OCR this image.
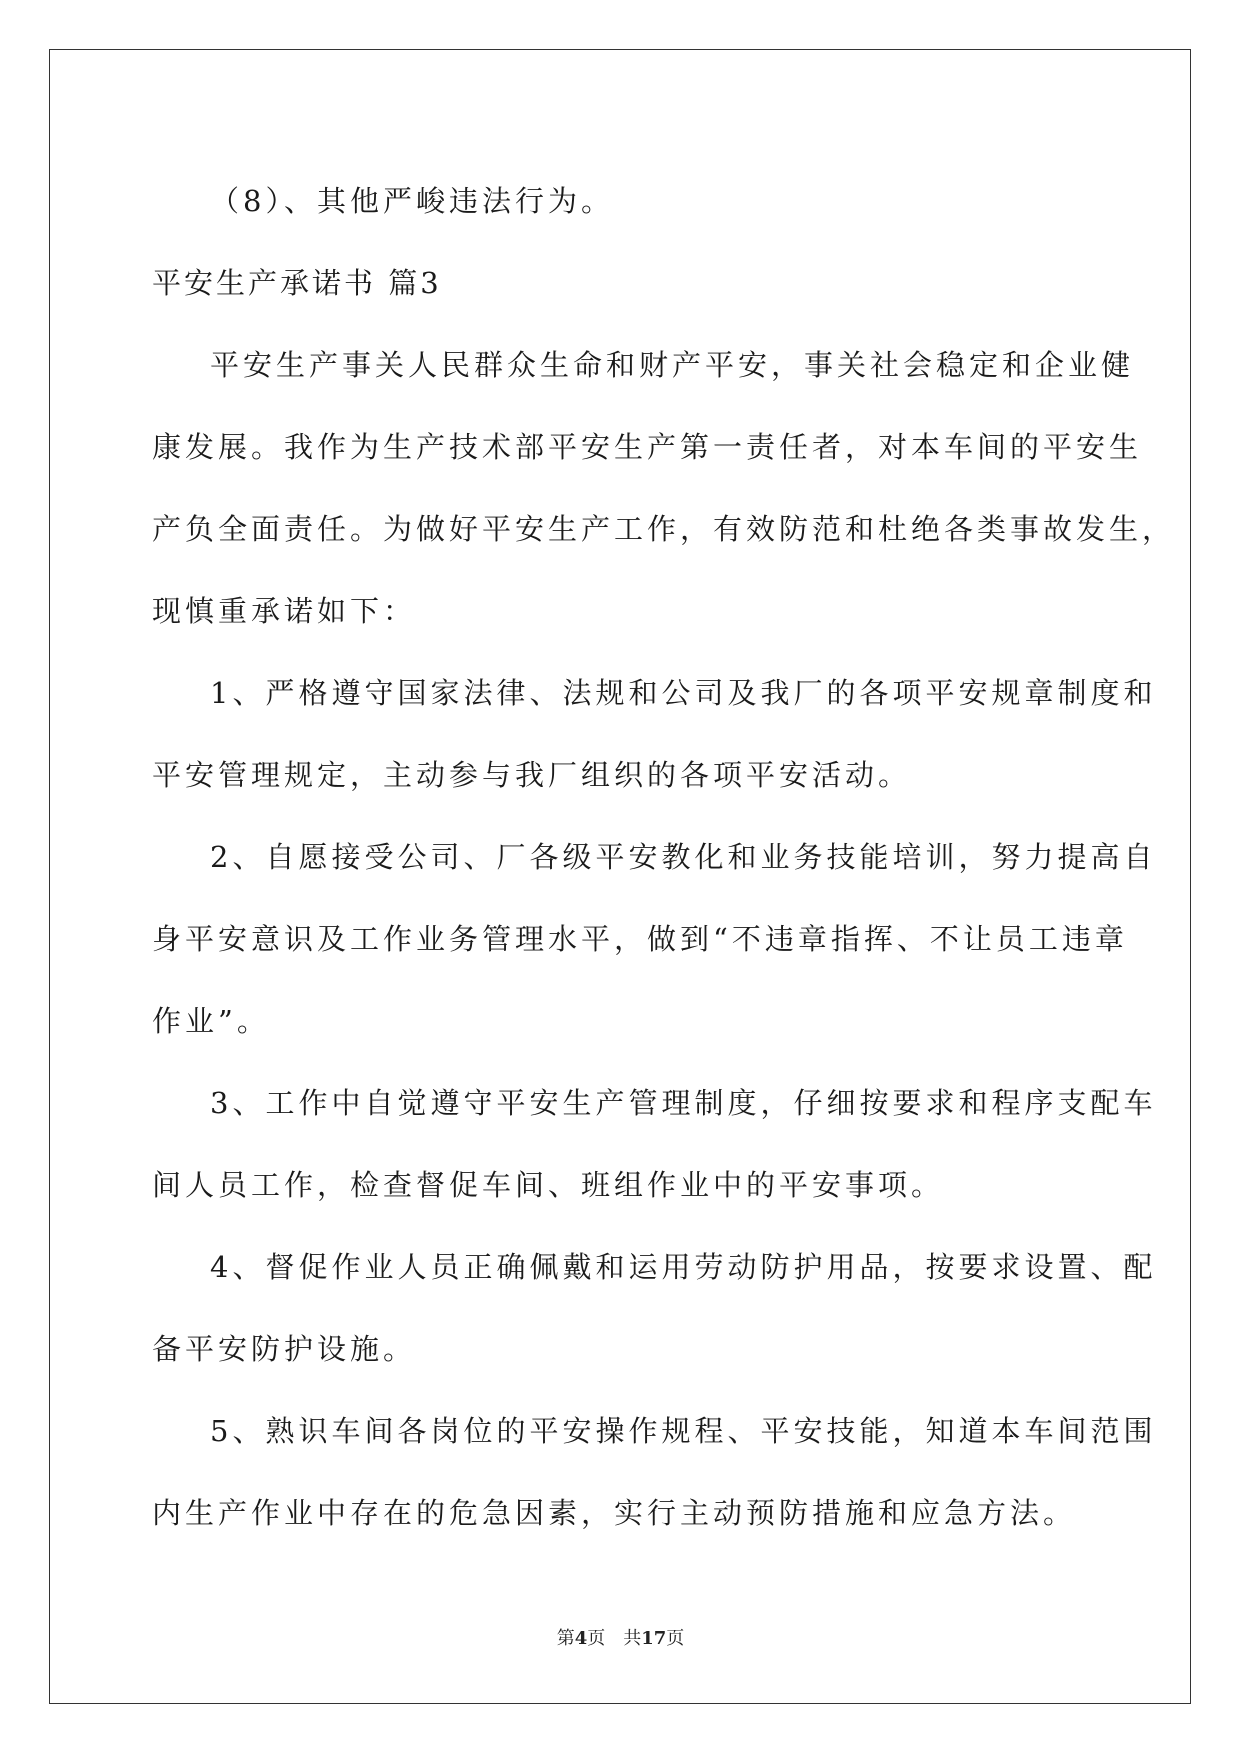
（8）、其他严峻违法行为。
平安生产承诺书 篇3
平安生产事关人民群众生命和财产平安，事关社会稳定和企业健
康发展。我作为生产技术部平安生产第一责任者，对本车间的平安生
产负全面责任。为做好平安生产工作，有效防范和杜绝各类事故发生，
现慎重承诺如下：
1、严格遵守国家法律、法规和公司及我厂的各项平安规章制度和
平安管理规定，主动参与我厂组织的各项平安活动。
2、自愿接受公司、厂各级平安教化和业务技能培训，努力提高自
身平安意识及工作业务管理水平，做到“不违章指挥、不让员工违章
作业”。
3、工作中自觉遵守平安生产管理制度，仔细按要求和程序支配车
间人员工作，检查督促车间、班组作业中的平安事项。
4、督促作业人员正确佩戴和运用劳动防护用品，按要求设置、配
备平安防护设施。
5、熟识车间各岗位的平安操作规程、平安技能，知道本车间范围
内生产作业中存在的危急因素，实行主动预防措施和应急方法。
第4页 共17页
